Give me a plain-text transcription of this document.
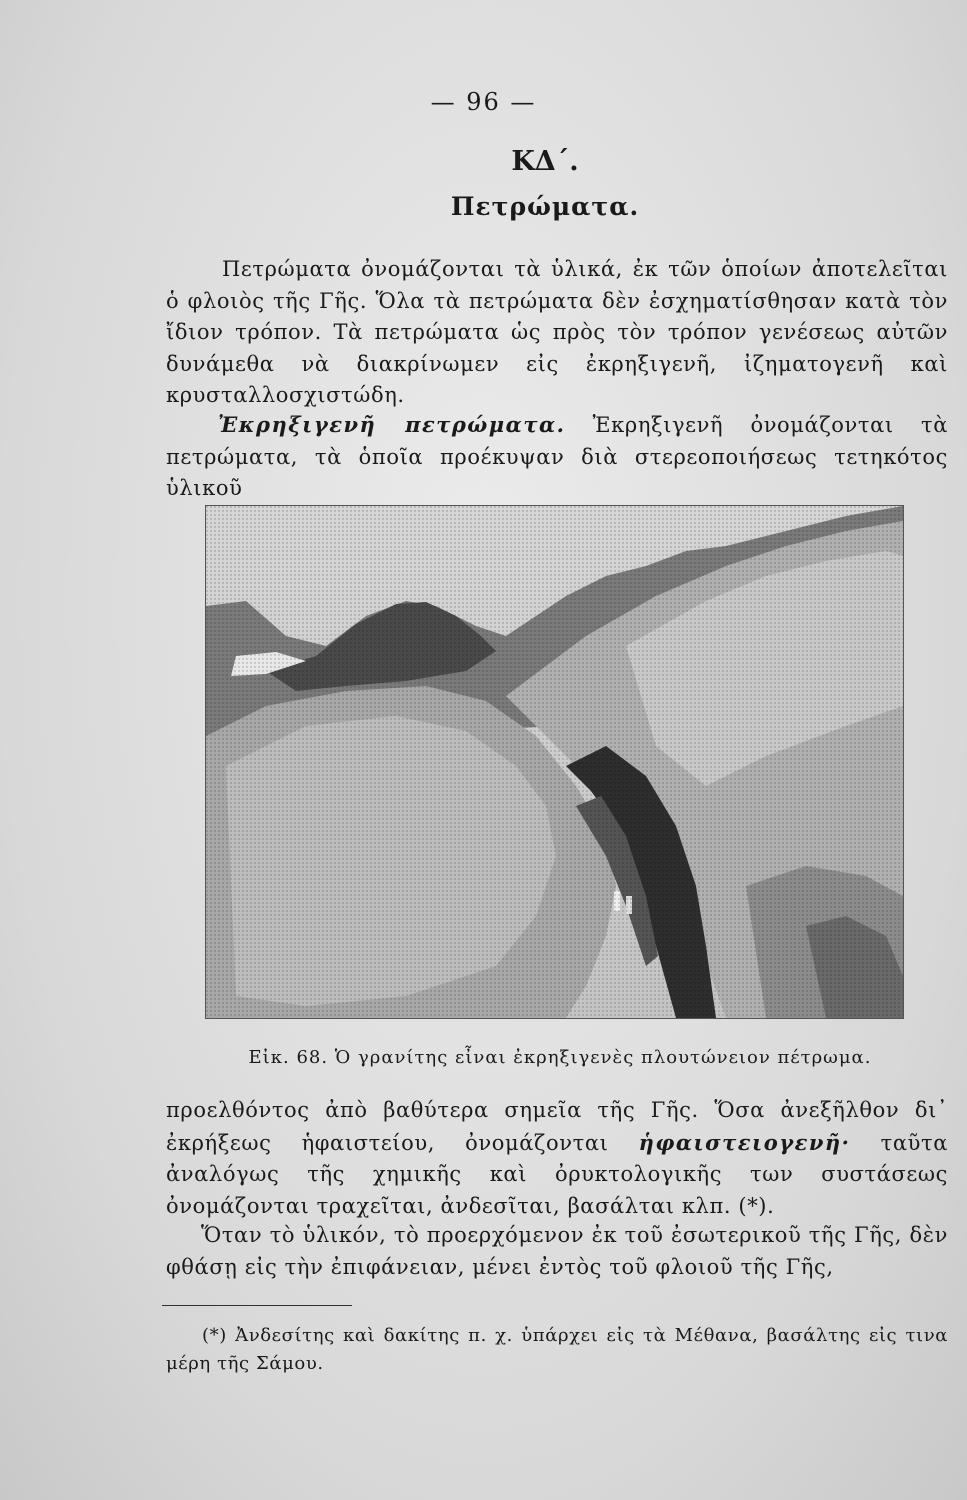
— 96 —
ΚΔ΄.
Πετρώματα.
Πετρώματα ὀνομάζονται τὰ ὑλικά, ἐκ τῶν ὁποίων ἀποτελεῖται ὁ φλοιὸς τῆς Γῆς. Ὅλα τὰ πετρώματα δὲν ἐσχηματίσθησαν κατὰ τὸν ἴδιον τρόπον. Τὰ πετρώματα ὡς πρὸς τὸν τρόπον γενέσεως αὐτῶν δυνάμεθα νὰ διακρίνωμεν εἰς ἐκρηξιγενῆ, ἰζηματογενῆ καὶ κρυσταλλοσχιστώδη.
Ἐκρηξιγενῆ πετρώματα. Ἐκρηξιγενῆ ὀνομάζονται τὰ πετρώματα, τὰ ὁποῖα προέκυψαν διὰ στερεοποιήσεως τετηκότος ὑλικοῦ
Εἰκ. 68. Ὁ γρανίτης εἶναι ἐκρηξιγενὲς πλουτώνειον πέτρωμα.
προελθόντος ἀπὸ βαθύτερα σημεῖα τῆς Γῆς. Ὅσα ἀνεξῆλθον δι᾽ ἐκρήξεως ἡφαιστείου, ὀνομάζονται ἡφαιστειογενῆ· ταῦτα ἀναλόγως τῆς χημικῆς καὶ ὀρυκτολογικῆς των συστάσεως ὀνομάζονται τραχεῖται, ἀνδεσῖται, βασάλται κλπ. (*).
Ὅταν τὸ ὑλικόν, τὸ προερχόμενον ἐκ τοῦ ἐσωτερικοῦ τῆς Γῆς, δὲν φθάσῃ εἰς τὴν ἐπιφάνειαν, μένει ἐντὸς τοῦ φλοιοῦ τῆς Γῆς,
(*) Ἀνδεσίτης καὶ δακίτης π. χ. ὑπάρχει εἰς τὰ Μέθανα, βασάλτης εἰς τινα μέρη τῆς Σάμου.
